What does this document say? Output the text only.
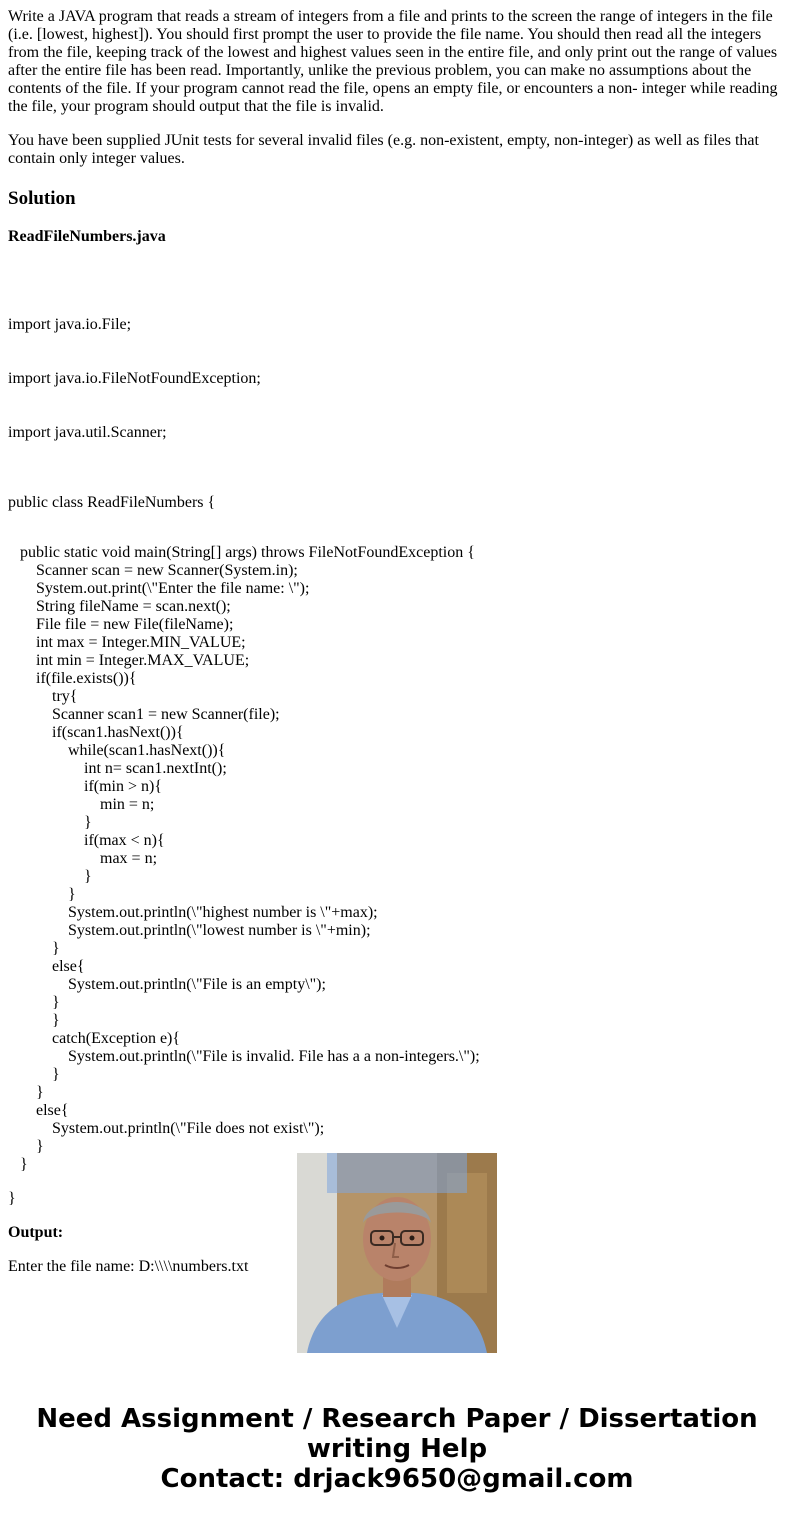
Write a JAVA program that reads a stream of integers from a file and prints to the screen the range of integers in the file (i.e. [lowest, highest]). You should first prompt the user to provide the file name. You should then read all the integers from the file, keeping track of the lowest and highest values seen in the entire file, and only print out the range of values after the entire file has been read. Importantly, unlike the previous problem, you can make no assumptions about the contents of the file. If your program cannot read the file, opens an empty file, or encounters a non- integer while reading the file, your program should output that the file is invalid.

You have been supplied JUnit tests for several invalid files (e.g. non-existent, empty, non-integer) as well as files that contain only integer values.

Solution
ReadFileNumbers.java

import java.io.File;

import java.io.FileNotFoundException;

import java.util.Scanner;

public class ReadFileNumbers {
public static void main(String[] args) throws FileNotFoundException {
Scanner scan = new Scanner(System.in);
System.out.print(\"Enter the file name: \");
String fileName = scan.next();
File file = new File(fileName);
int max = Integer.MIN_VALUE;
int min = Integer.MAX_VALUE;
if(file.exists()){
try{
Scanner scan1 = new Scanner(file);
if(scan1.hasNext()){
while(scan1.hasNext()){
int n= scan1.nextInt();
if(min > n){
min = n;
}
if(max < n){
max = n;
}
}
System.out.println(\"highest number is \"+max);
System.out.println(\"lowest number is \"+min);
}
else{
System.out.println(\"File is an empty\");
}
}
catch(Exception e){
System.out.println(\"File is invalid. File has a a non-integers.\");
}
}
else{
System.out.println(\"File does not exist\");
}
}
}
Output:
Enter the file name: D:\\\\numbers.txt
Need Assignment / Research Paper / Dissertation
writing Help
Contact: drjack9650@gmail.com
